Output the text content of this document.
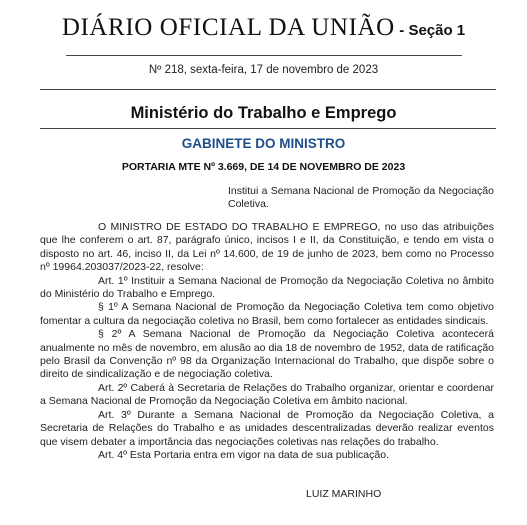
DIÁRIO OFICIAL DA UNIÃO - Seção 1
Nº 218, sexta-feira, 17 de novembro de 2023
Ministério do Trabalho e Emprego
GABINETE DO MINISTRO
PORTARIA MTE Nº 3.669, DE 14 DE NOVEMBRO DE 2023
Institui a Semana Nacional de Promoção da Negociação Coletiva.

O MINISTRO DE ESTADO DO TRABALHO E EMPREGO, no uso das atribuições que lhe conferem o art. 87, parágrafo único, incisos I e II, da Constituição, e tendo em vista o disposto no art. 46, inciso II, da Lei nº 14.600, de 19 de junho de 2023, bem como no Processo nº 19964.203037/2023-22, resolve:

Art. 1º Instituir a Semana Nacional de Promoção da Negociação Coletiva no âmbito do Ministério do Trabalho e Emprego.

§ 1º A Semana Nacional de Promoção da Negociação Coletiva tem como objetivo fomentar a cultura da negociação coletiva no Brasil, bem como fortalecer as entidades sindicais.

§ 2º A Semana Nacional de Promoção da Negociação Coletiva acontecerá anualmente no mês de novembro, em alusão ao dia 18 de novembro de 1952, data de ratificação pelo Brasil da Convenção nº 98 da Organização Internacional do Trabalho, que dispõe sobre o direito de sindicalização e de negociação coletiva.

Art. 2º Caberá à Secretaria de Relações do Trabalho organizar, orientar e coordenar a Semana Nacional de Promoção da Negociação Coletiva em âmbito nacional.

Art. 3º Durante a Semana Nacional de Promoção da Negociação Coletiva, a Secretaria de Relações do Trabalho e as unidades descentralizadas deverão realizar eventos que visem debater a importância das negociações coletivas nas relações do trabalho.

Art. 4º Esta Portaria entra em vigor na data de sua publicação.

LUIZ MARINHO
